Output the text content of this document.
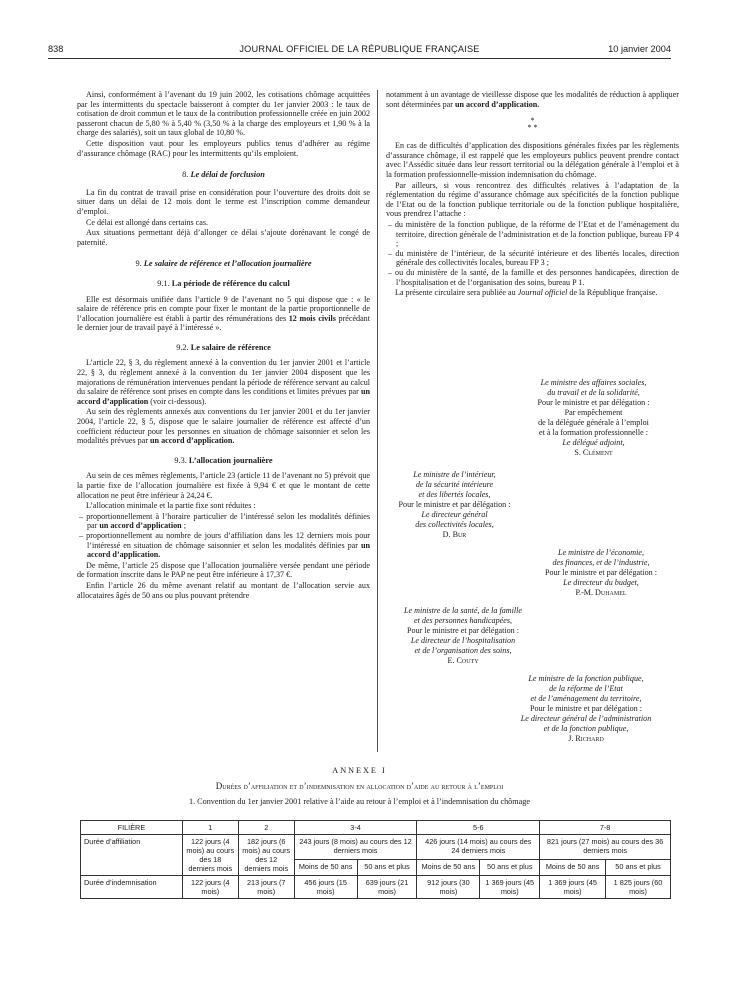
838	JOURNAL OFFICIEL DE LA RÉPUBLIQUE FRANÇAISE	10 janvier 2004

Ainsi, conformément à l’avenant du 19 juin 2002, les cotisations chômage acquittées par les intermittents du spectacle baisseront à compter du 1er janvier 2003 : le taux de cotisation de droit commun et le taux de la contribution professionnelle créée en juin 2002 passeront chacun de 5,80 % à 5,40 % (3,50 % à la charge des employeurs et 1,90 % à la charge des salariés), soit un taux global de 10,80 %.

Cette disposition vaut pour les employeurs publics tenus d’adhérer au régime d’assurance chômage (RAC) pour les intermittents qu’ils emploient.

8. Le délai de forclusion

La fin du contrat de travail prise en considération pour l’ouverture des droits doit se situer dans un délai de 12 mois dont le terme est l’inscription comme demandeur d’emploi.

Ce délai est allongé dans certains cas.

Aux situations permettant déjà d’allonger ce délai s’ajoute dorénavant le congé de paternité.

9. Le salaire de référence et l’allocation journalière
9.1. La période de référence du calcul

Elle est désormais unifiée dans l’article 9 de l’avenant no 5 qui dispose que : « le salaire de référence pris en compte pour fixer le montant de la partie proportionnelle de l’allocation journalière est établi à partir des rémunérations des 12 mois civils précédant le dernier jour de travail payé à l’intéressé ».

9.2. Le salaire de référence

L’article 22, § 3, du règlement annexé à la convention du 1er janvier 2001 et l’article 22, § 3, du règlement annexé à la convention du 1er janvier 2004 disposent que les majorations de rémunération intervenues pendant la période de référence servant au calcul du salaire de référence sont prises en compte dans les conditions et limites prévues par un accord d’application (voir ci-dessous).

Au sein des règlements annexés aux conventions du 1er janvier 2001 et du 1er janvier 2004, l’article 22, § 5, dispose que le salaire journalier de référence est affecté d’un coefficient réducteur pour les personnes en situation de chômage saisonnier et selon les modalités prévues par un accord d’application.

9.3. L’allocation journalière

Au sein de ces mêmes règlements, l’article 23 (article 11 de l’avenant no 5) prévoit que la partie fixe de l’allocation journalière est fixée à 9,94 € et que le montant de cette allocation ne peut être inférieur à 24,24 €.

L’allocation minimale et la partie fixe sont réduites :

– proportionnellement à l’horaire particulier de l’intéressé selon les modalités définies par un accord d’application ;
– proportionnellement au nombre de jours d’affiliation dans les 12 derniers mois pour l’intéressé en situation de chômage saisonnier et selon les modalités définies par un accord d’application.

De même, l’article 25 dispose que l’allocation journalière versée pendant une période de formation inscrite dans le PAP ne peut être inférieure à 17,37 €.

Enfin l’article 26 du même avenant relatif au montant de l’allocation servie aux allocataires âgés de 50 ans ou plus pouvant prétendre

notamment à un avantage de vieillesse dispose que les modalités de réduction à appliquer sont déterminées par un accord d’application.

*
* *

En cas de difficultés d’application des dispositions générales fixées par les règlements d’assurance chômage, il est rappelé que les employeurs publics peuvent prendre contact avec l’Assédic située dans leur ressort territorial ou la délégation générale à l’emploi et à la formation professionnelle-mission indemnisation du chômage.

Par ailleurs, si vous rencontrez des difficultés relatives à l’adaptation de la réglementation du régime d’assurance chômage aux spécificités de la fonction publique de l’Etat ou de la fonction publique territoriale ou de la fonction publique hospitalière, vous prendrez l’attache :

– du ministère de la fonction publique, de la réforme de l’Etat et de l’aménagement du territoire, direction générale de l’administration et de la fonction publique, bureau FP 4 ;
– du ministère de l’intérieur, de la sécurité intérieure et des libertés locales, direction générale des collectivités locales, bureau FP 3 ;
– ou du ministère de la santé, de la famille et des personnes handicapées, direction de l’hospitalisation et de l’organisation des soins, bureau P 1.

La présente circulaire sera publiée au Journal officiel de la République française.

Le ministre des affaires sociales,
du travail et de la solidarité,
Pour le ministre et par délégation :
Par empêchement
de la déléguée générale à l’emploi
et à la formation professionnelle :
Le délégué adjoint,
S. Clément
Le ministre de l’intérieur,
de la sécurité intérieure
et des libertés locales,
Pour le ministre et par délégation :
Le directeur général
des collectivités locales,
D. Bur
Le ministre de l’économie,
des finances, et de l’industrie,
Pour le ministre et par délégation :
Le directeur du budget,
P.-M. Duhamel
Le ministre de la santé, de la famille
et des personnes handicapées,
Pour le ministre et par délégation :
Le directeur de l’hospitalisation
et de l’organisation des soins,
E. Couty
Le ministre de la fonction publique,
de la réforme de l’Etat
et de l’aménagement du territoire,
Pour le ministre et par délégation :
Le directeur général de l’administration
et de la fonction publique,
J. Richard
ANNEXE I
Durées d’affiliation et d’indemnisation en allocation d’aide au retour à l’emploi
1. Convention du 1er janvier 2001 relative à l’aide au retour à l’emploi et à l’indemnisation du chômage
FILIÈRE	1	2	3-4		5-6		7-8	
Durée d’affiliation	122 jours (4 mois) au cours des 18 derniers mois	182 jours (6 mois) au cours des 12 derniers mois	243 jours (8 mois) au cours des 12 derniers mois		426 jours (14 mois) au cours des 24 derniers mois		821 jours (27 mois) au cours des 36 derniers mois	
			Moins de 50 ans	50 ans et plus	Moins de 50 ans	50 ans et plus	Moins de 50 ans	50 ans et plus
Durée d’indemnisation	122 jours (4 mois)	213 jours (7 mois)	456 jours (15 mois)	639 jours (21 mois)	912 jours (30 mois)	1 369 jours (45 mois)	1 369 jours (45 mois)	1 825 jours (60 mois)
